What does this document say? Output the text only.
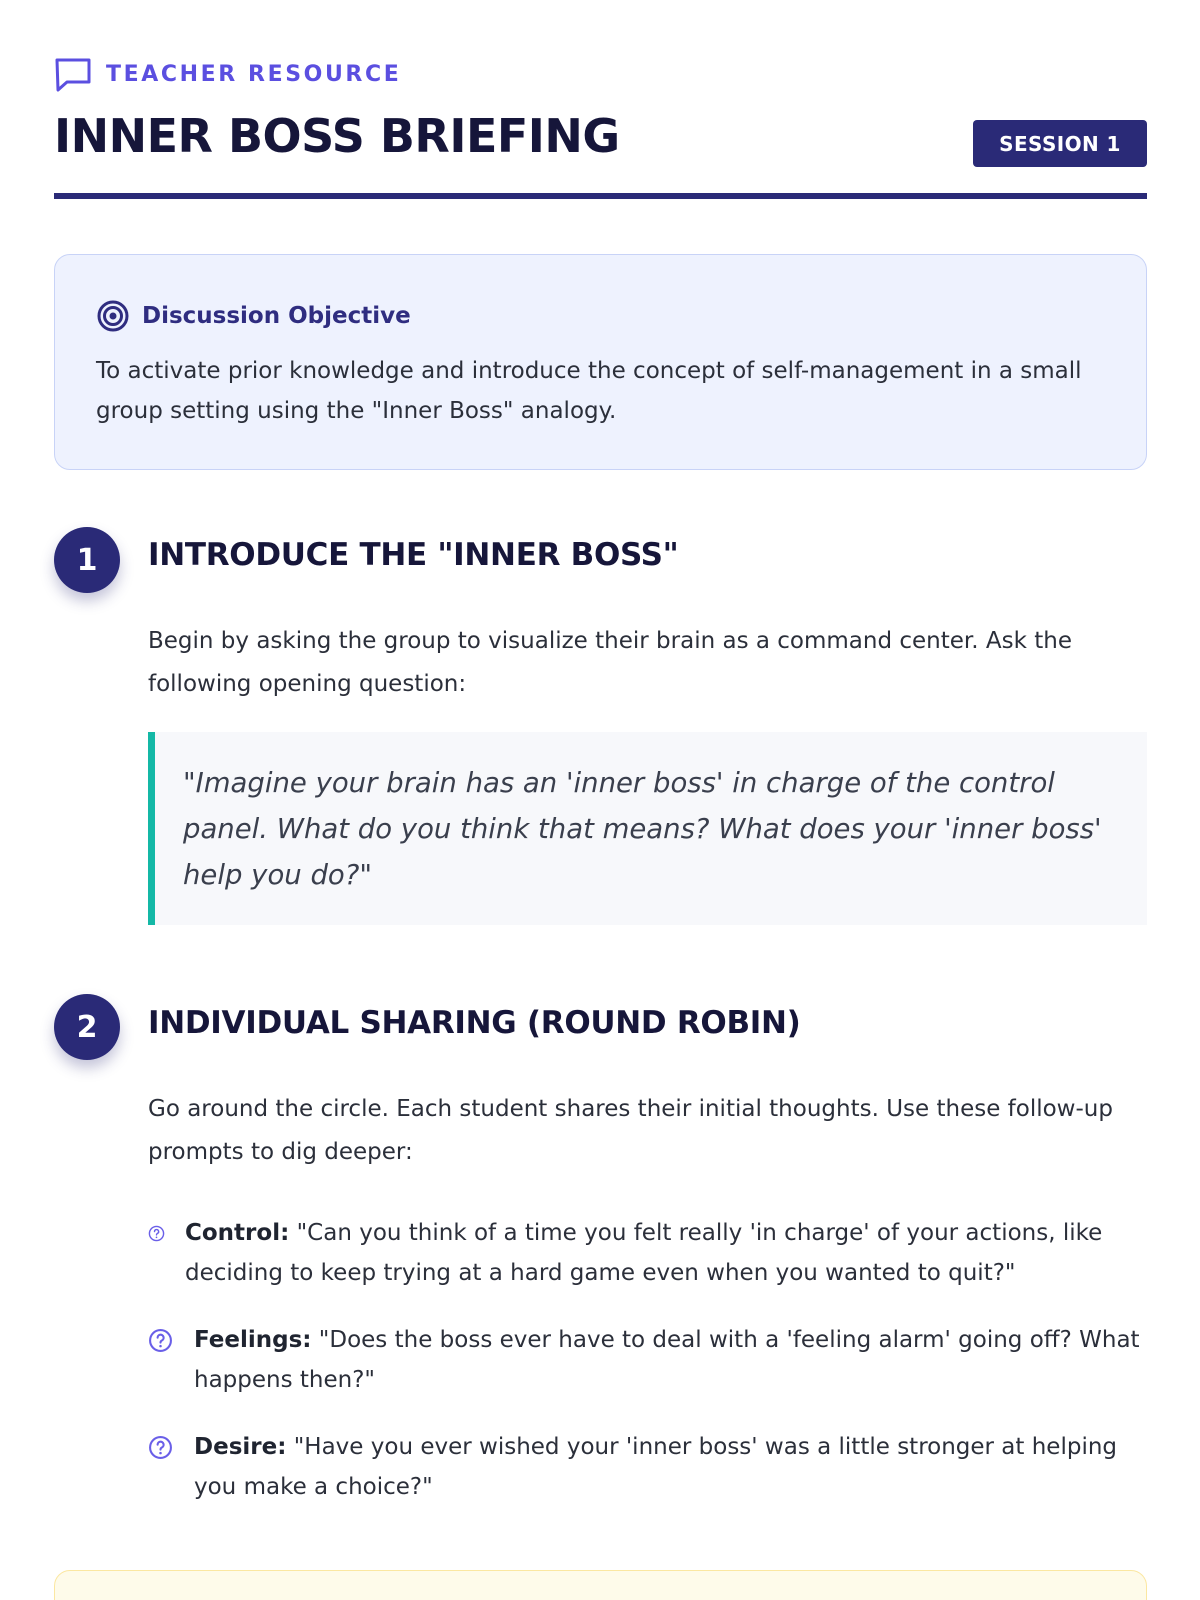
TEACHER RESOURCE
INNER BOSS BRIEFING	SESSION 1
Discussion Objective

To activate prior knowledge and introduce the concept of self-management in a small group setting using the "Inner Boss" analogy.

1	INTRODUCE THE "INNER BOSS"

Begin by asking the group to visualize their brain as a command center. Ask the following opening question:

"Imagine your brain has an 'inner boss' in charge of the control panel. What do you think that means? What does your 'inner boss' help you do?"
2	INDIVIDUAL SHARING (ROUND ROBIN)

Go around the circle. Each student shares their initial thoughts. Use these follow-up prompts to dig deeper:

Control: "Can you think of a time you felt really 'in charge' of your actions, like deciding to keep trying at a hard game even when you wanted to quit?"
Feelings: "Does the boss ever have to deal with a 'feeling alarm' going off? What happens then?"
Desire: "Have you ever wished your 'inner boss' was a little stronger at helping you make a choice?"
